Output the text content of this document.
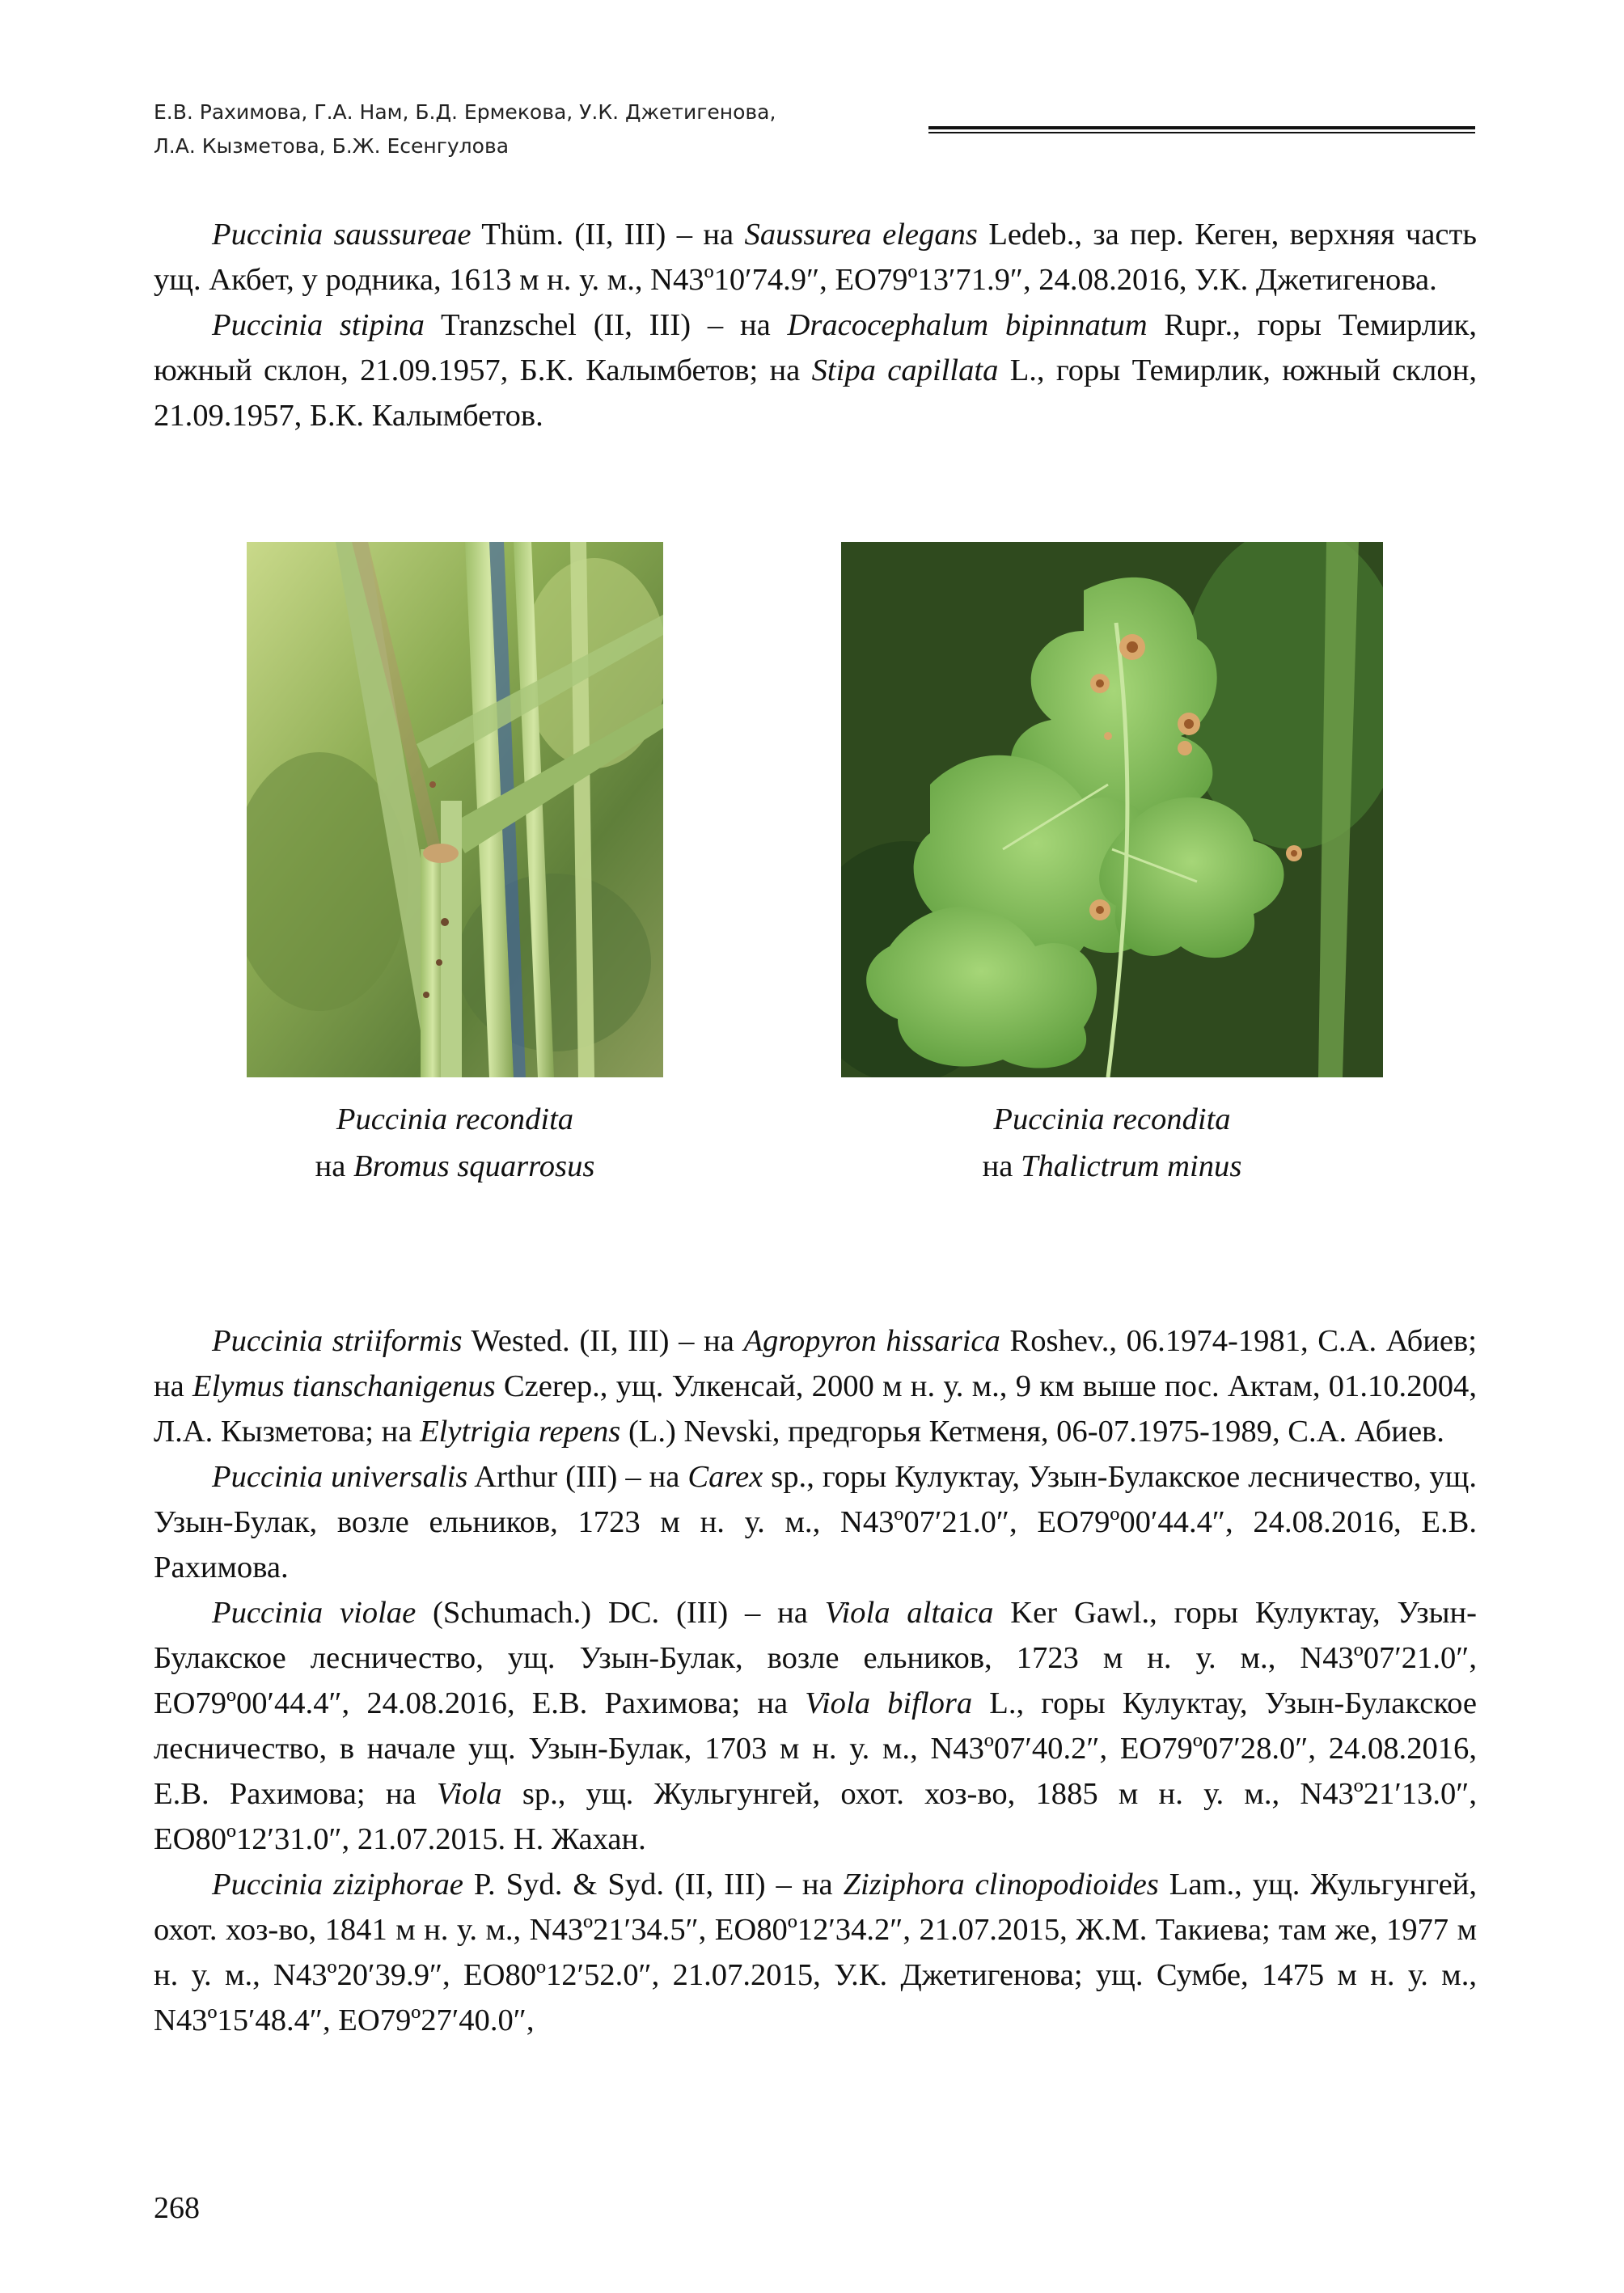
Е.В. Рахимова, Г.А. Нам, Б.Д. Ермекова, У.К. Джетигенова,
Л.А. Кызметова, Б.Ж. Есенгулова

Puccinia saussureae Thüm. (II, III) – на Saussurea elegans Ledeb., за пер. Кеген, верхняя часть ущ. Акбет, у родника, 1613 м н. у. м., N43º10′74.9″, EO79º13′71.9″, 24.08.2016, У.К. Джетигенова.

Puccinia stipina Tranzschel (II, III) – на Dracocephalum bipinnatum Rupr., горы Темирлик, южный склон, 21.09.1957, Б.К. Калымбетов; на Stipa capillata L., горы Темирлик, южный склон, 21.09.1957, Б.К. Калымбетов.

Puccinia recondita
на Bromus squarrosus
Puccinia recondita
на Thalictrum minus

Puccinia striiformis Wested. (II, III) – на Agropyron hissarica Roshev., 06.1974-1981, С.А. Абиев; на Elymus tianschanigenus Czerep., ущ. Улкенсай, 2000 м н. у. м., 9 км выше пос. Актам, 01.10.2004, Л.А. Кызметова; на Elytrigia repens (L.) Nevski, предгорья Кетменя, 06-07.1975-1989, С.А. Абиев.

Puccinia universalis Arthur (III) – на Carex sp., горы Кулуктау, Узын-Булакское лесничество, ущ. Узын-Булак, возле ельников, 1723 м н. у. м., N43º07′21.0″, EO79º00′44.4″, 24.08.2016, Е.В. Рахимова.

Puccinia violae (Schumach.) DC. (III) – на Viola altaica Ker Gawl., горы Кулуктау, Узын-Булакское лесничество, ущ. Узын-Булак, возле ельников, 1723 м н. у. м., N43º07′21.0″, EO79º00′44.4″, 24.08.2016, Е.В. Рахимова; на Viola biflora L., горы Кулуктау, Узын-Булакское лесничество, в начале ущ. Узын-Булак, 1703 м н. у. м., N43º07′40.2″, EO79º07′28.0″, 24.08.2016, Е.В. Рахимова; на Viola sp., ущ. Жульгунгей, охот. хоз-во, 1885 м н. у. м., N43º21′13.0″, EO80º12′31.0″, 21.07.2015. Н. Жахан.

Puccinia ziziphorae P. Syd. & Syd. (II, III) – на Ziziphora clinopodioides Lam., ущ. Жульгунгей, охот. хоз-во, 1841 м н. у. м., N43º21′34.5″, EO80º12′34.2″, 21.07.2015, Ж.М. Такиева; там же, 1977 м н. у. м., N43º20′39.9″, EO80º12′52.0″, 21.07.2015, У.К. Джетигенова; ущ. Сумбе, 1475 м н. у. м., N43º15′48.4″, EO79º27′40.0″,

268
